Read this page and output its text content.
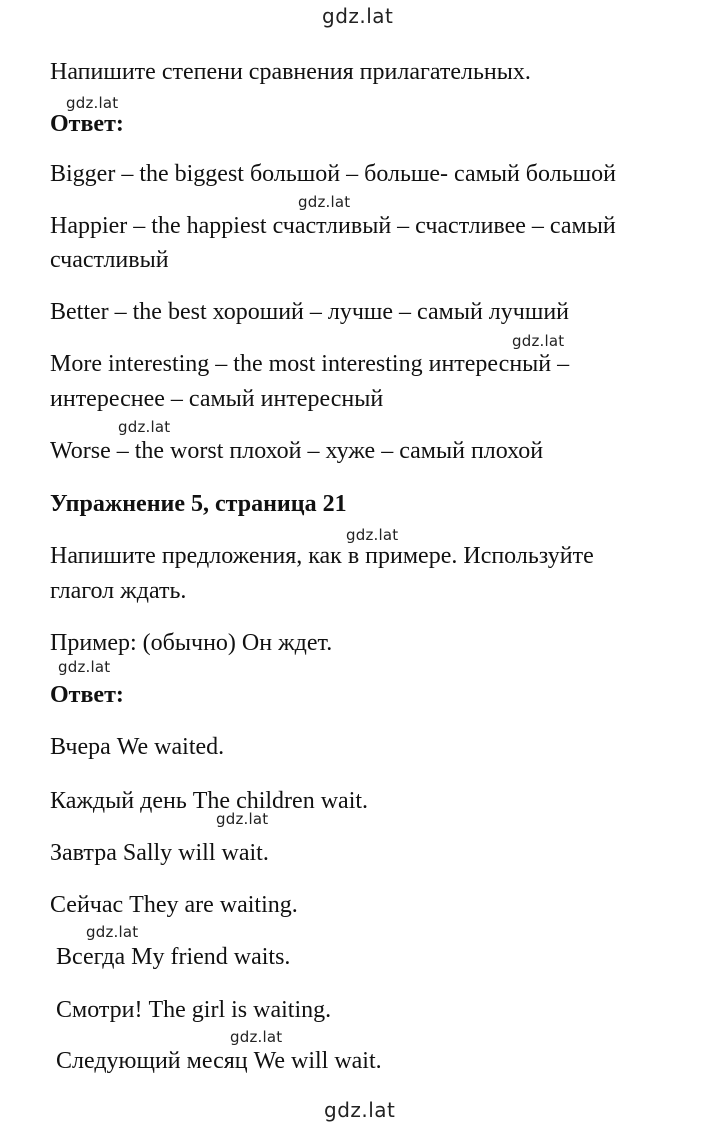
gdz.lat
Напишите степени сравнения прилагательных.
gdz.lat
Ответ:
Bigger – the biggest большой – больше- самый большой
gdz.lat
Happier – the happiest счастливый – счастливее – самый
счастливый
Better – the best хороший – лучше – самый лучший
gdz.lat
More interesting – the most interesting интересный –
интереснее – самый интересный
gdz.lat
Worse – the worst плохой – хуже – самый плохой
Упражнение 5, страница 21
gdz.lat
Напишите предложения, как в примере. Используйте
глагол ждать.
Пример: (обычно) Он ждет.
gdz.lat
Ответ:
Вчера We waited.
Каждый день The children wait.
gdz.lat
Завтра Sally will wait.
Сейчас They are waiting.
gdz.lat
Всегда My friend waits.
Смотри! The girl is waiting.
gdz.lat
Следующий месяц We will wait.
gdz.lat
